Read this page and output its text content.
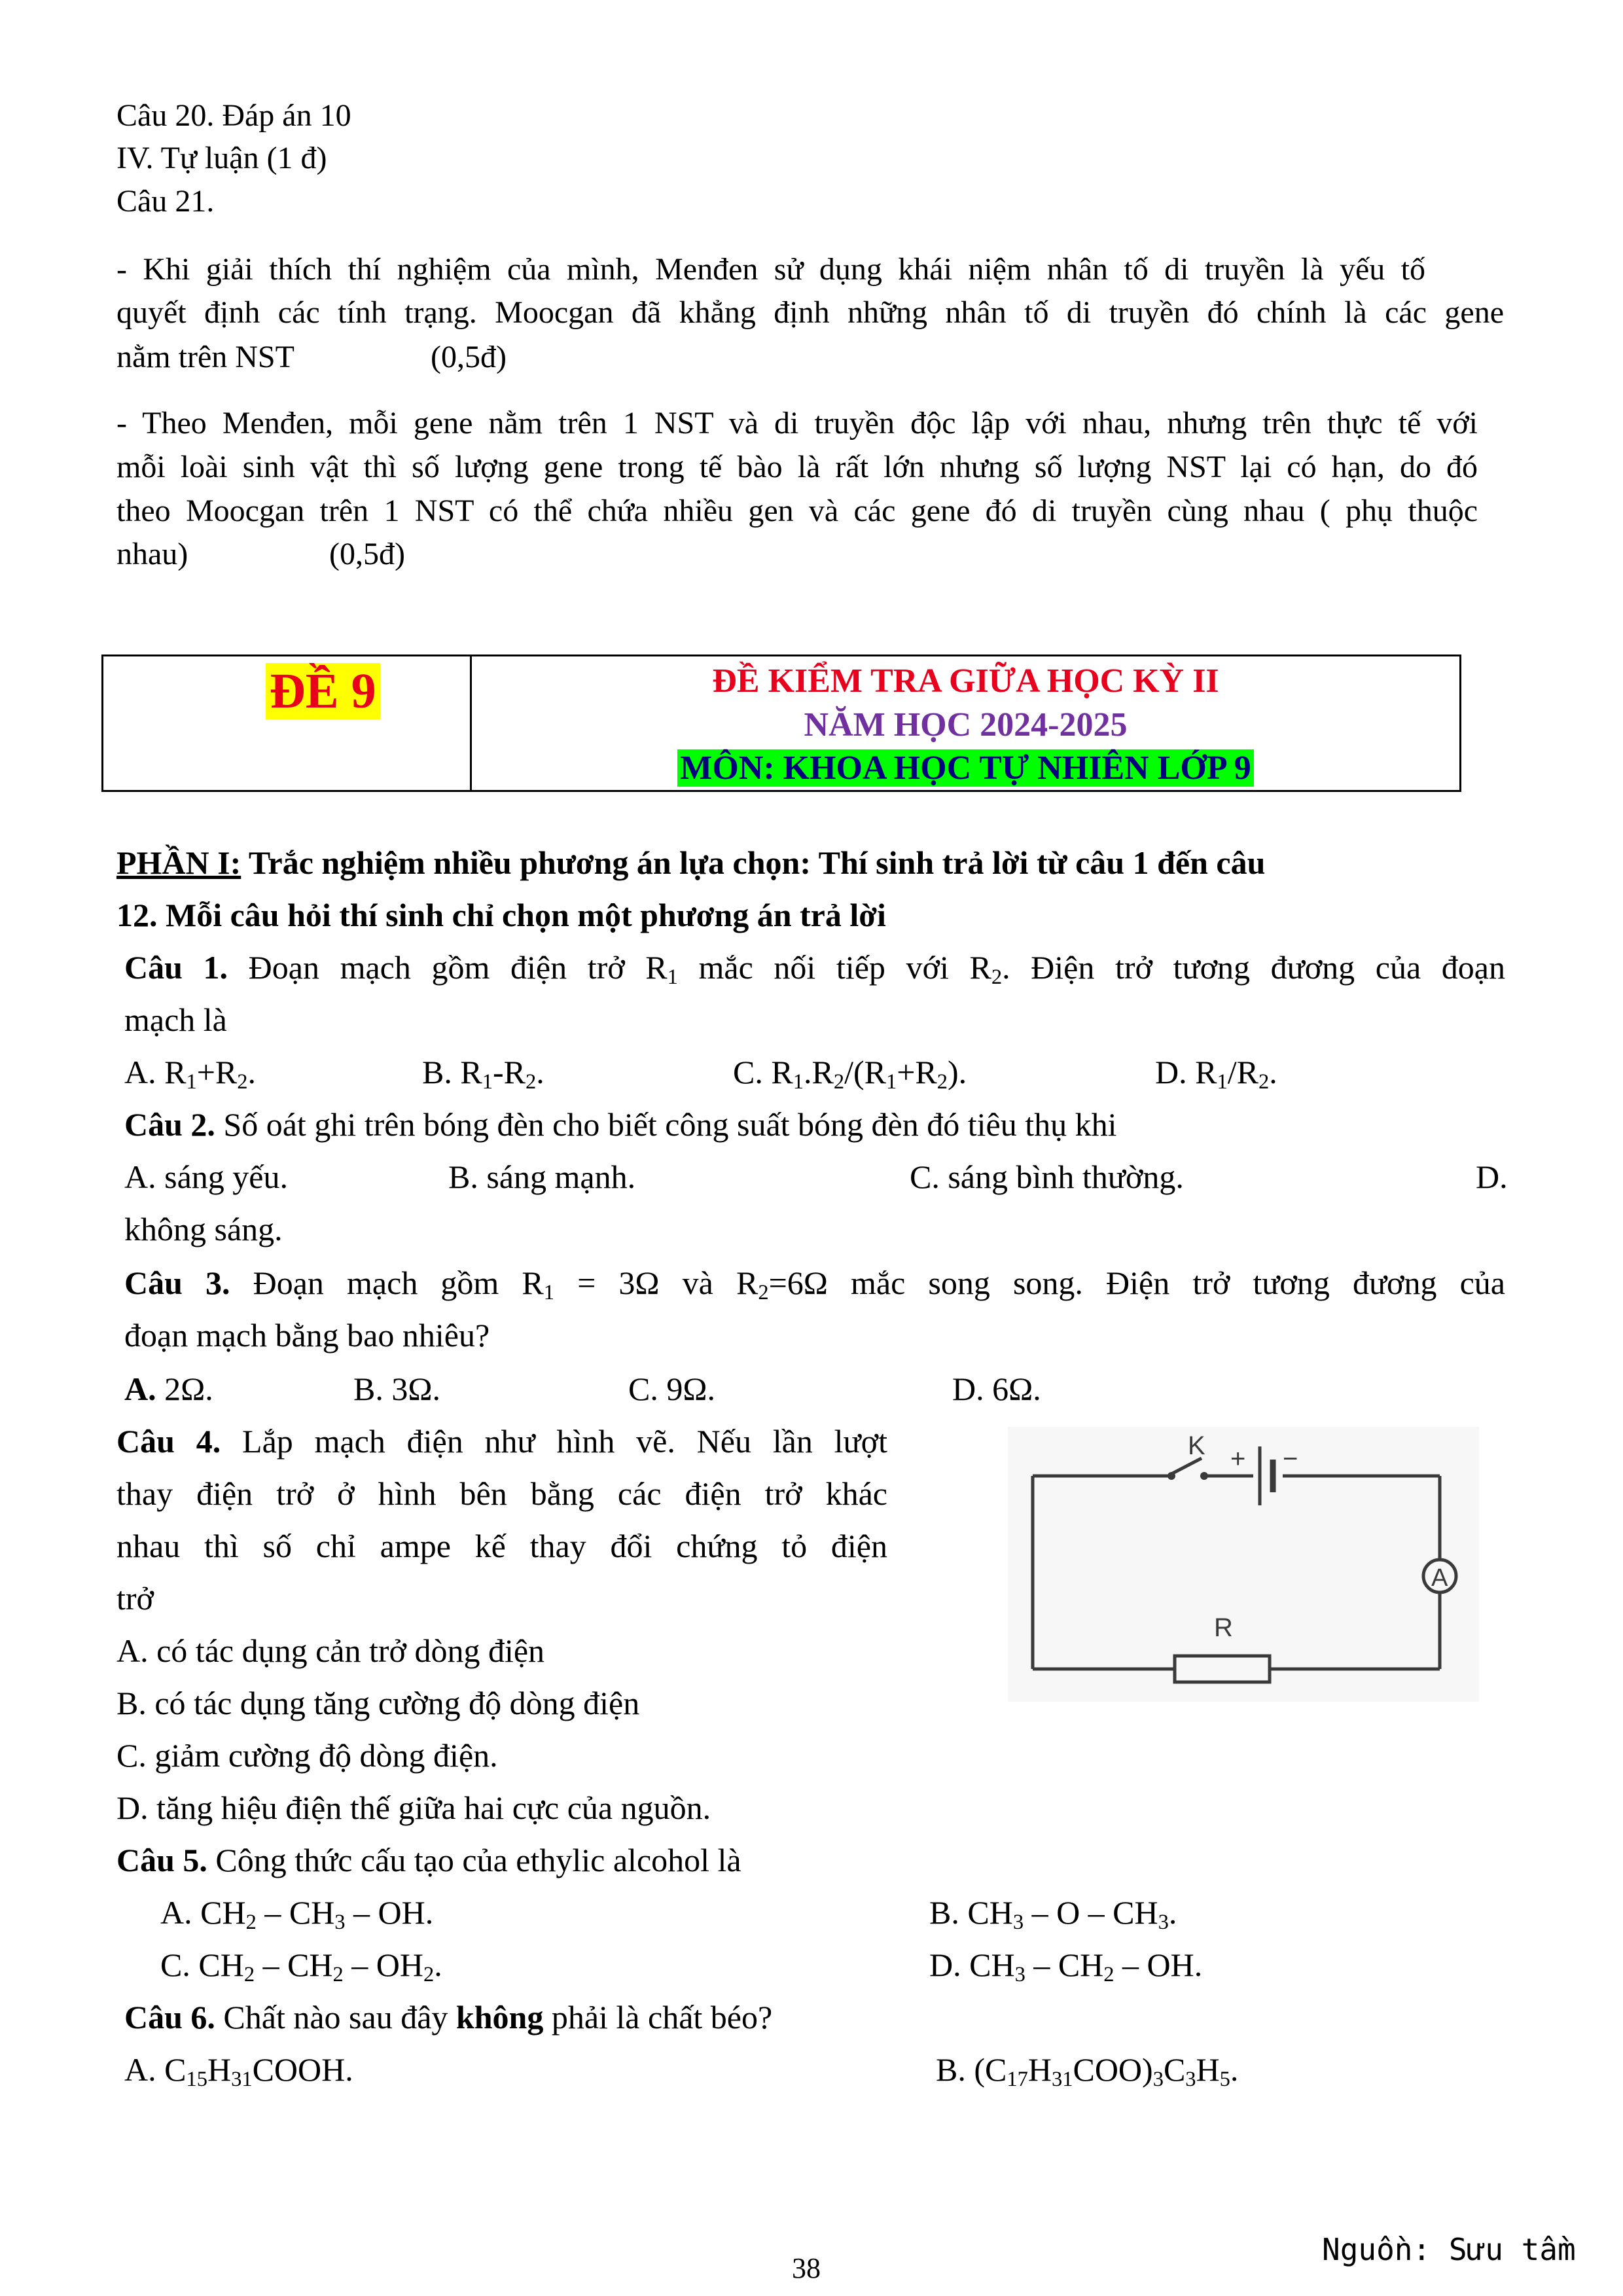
Câu 20. Đáp án 10
IV. Tự luận (1 đ)
Câu 21.
- Khi giải thích thí nghiệm của mình, Menđen sử dụng khái niệm nhân tố di truyền là yếu tố
quyết định các tính trạng. Moocgan đã khẳng định những nhân tố di truyền đó chính là các gene
nằm trên NST	(0,5đ)
- Theo Menđen, mỗi gene nằm trên 1 NST và di truyền độc lập với nhau, nhưng trên thực tế với
mỗi loài sinh vật thì số lượng gene trong tế bào là rất lớn nhưng số lượng NST lại có hạn, do đó
theo Moocgan trên 1 NST có thể chứa nhiều gen và các gene đó di truyền cùng nhau ( phụ thuộc
nhau)	(0,5đ)
ĐỀ 9	ĐỀ KIỂM TRA GIỮA HỌC KỲ II
NĂM HỌC 2024-2025
MÔN: KHOA HỌC TỰ NHIÊN LỚP 9
PHẦN I: Trắc nghiệm nhiều phương án lựa chọn: Thí sinh trả lời từ câu 1 đến câu
12. Mỗi câu hỏi thí sinh chỉ chọn một phương án trả lời
Câu 1. Đoạn mạch gồm điện trở $R_1$ mắc nối tiếp với $R_2$. Điện trở tương đương của đoạn
mạch là
A. $R_1+R_2$.	B. $R_1-R_2$.	C. $R_1.R_2/(R_1+R_2)$.	D. $R_1/R_2$.
Câu 2. Số oát ghi trên bóng đèn cho biết công suất bóng đèn đó tiêu thụ khi
A. sáng yếu.	B. sáng mạnh.	C. sáng bình thường.	D.
không sáng.
Câu 3. Đoạn mạch gồm $R_1 = 3\Omega$ và $R_2=6\Omega$ mắc song song. Điện trở tương đương của
đoạn mạch bằng bao nhiêu?
A. 2Ω.	B. 3Ω.	C. 9Ω.	D. 6Ω.
Câu 4. Lắp mạch điện như hình vẽ. Nếu lần lượt
thay điện trở ở hình bên bằng các điện trở khác
nhau thì số chỉ ampe kế thay đổi chứng tỏ điện
trở
A. có tác dụng cản trở dòng điện
B. có tác dụng tăng cường độ dòng điện
C. giảm cường độ dòng điện.
D. tăng hiệu điện thế giữa hai cực của nguồn.
K + −
A
R
Câu 5. Công thức cấu tạo của ethylic alcohol là
A. $CH_2 - CH_3$ – OH.	B. $CH_3$ – O – $CH_3$.
C. $CH_2 - CH_2 - OH_2$.	D. $CH_3 - CH_2$ – OH.
Câu 6. Chất nào sau đây không phải là chất béo?
A. $C_{15}H_{31}COOH$.	B. $(C_{17}H_{31}COO)_3C_3H_5$.
Nguồn: Sưu tầm
38
